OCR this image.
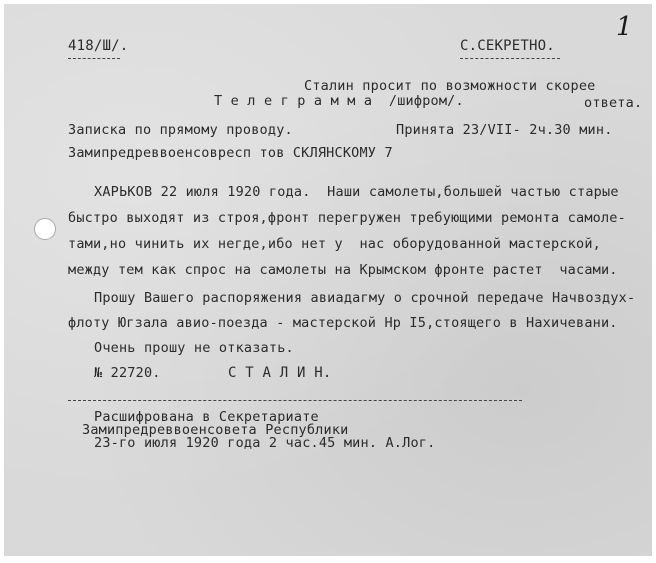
418/Ш/.	С.СЕКРЕТНО.
1
Сталин просит по возможности скорее
Т е л е г р а м м а  /шифром/.	ответа.
Записка по прямому проводу.	Принята 23/VII- 2ч.30 мин.
Замипредреввоенсовресп тов СКЛЯНСКОМУ 7
ХАРЬКОВ 22 июля 1920 года.  Наши самолеты,большей частью старые
быстро выходят из строя,фронт перегружен требующими ремонта самоле-
тами,но чинить их негде,ибо нет у  нас оборудованной мастерской,
между тем как спрос на самолеты на Крымском фронте растет  часами.
Прошу Вашего распоряжения авиадагму о срочной передаче Начвоздух-
флоту Югзала авио-поезда - мастерской Нр I5,стоящего в Нахичевани.
Очень прошу не отказать.
№ 22720.	С Т А Л И Н.
Расшифрована в Секретариате
Замипредреввоенсовета Республики
23-го июля 1920 года 2 час.45 мин. А.Лог.
